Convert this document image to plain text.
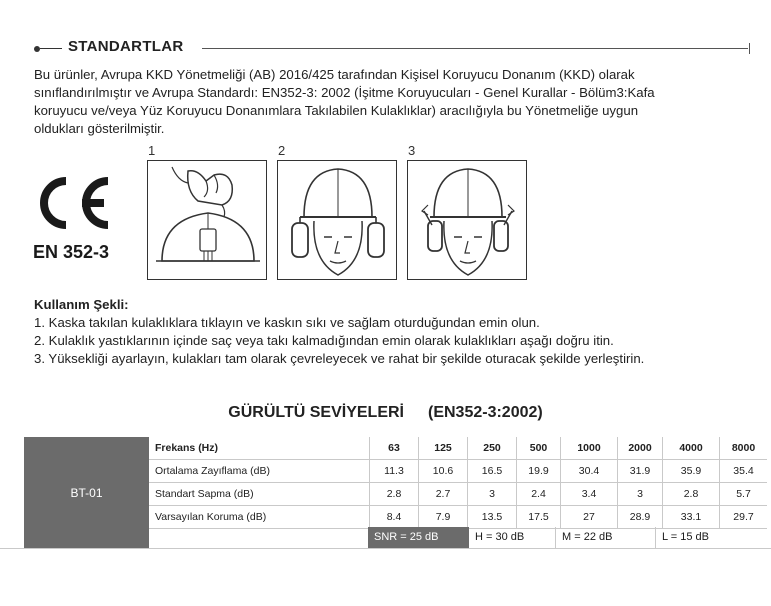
STANDARTLAR
Bu ürünler, Avrupa KKD Yönetmeliği (AB) 2016/425 tarafından Kişisel Koruyucu Donanım (KKD) olarak
sınıflandırılmıştır ve Avrupa Standardı: EN352-3: 2002 (İşitme Koruyucuları - Genel Kurallar - Bölüm3:Kafa
koruyucu ve/veya Yüz Koruyucu Donanımlara Takılabilen Kulaklıklar) aracılığıyla bu Yönetmeliğe uygun
oldukları gösterilmiştir.
EN 352-3
1	2	3
Kullanım Şekli:
1. Kaska takılan kulaklıklara tıklayın ve kaskın sıkı ve sağlam oturduğundan emin olun.
2. Kulaklık yastıklarının içinde saç veya takı kalmadığından emin olarak kulaklıkları aşağı doğru itin.
3. Yüksekliği ayarlayın, kulakları tam olarak çevreleyecek ve rahat bir şekilde oturacak şekilde yerleştirin.
GÜRÜLTÜ SEVİYELERİ (EN352-3:2002)
BT-01
Frekans (Hz)	63	125	250	500	1000	2000	4000	8000
Ortalama Zayıflama (dB)	11.3	10.6	16.5	19.9	30.4	31.9	35.9	35.4
Standart Sapma (dB)	2.8	2.7	3	2.4	3.4	3	2.8	5.7
Varsayılan Koruma (dB)	8.4	7.9	13.5	17.5	27	28.9	33.1	29.7
SNR = 25 dB	H = 30 dB	M = 22 dB	L = 15 dB
